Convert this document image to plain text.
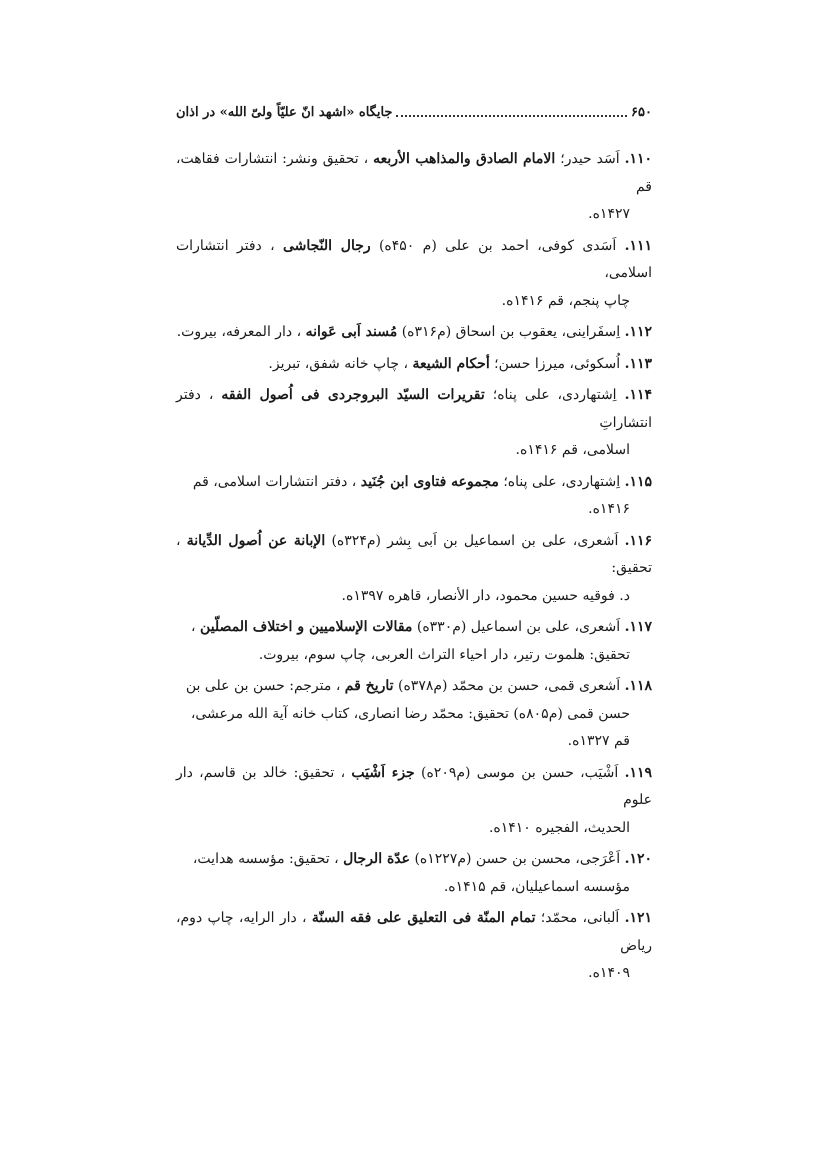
۶۵۰
جایگاه «اشهد انّ علیّاً ولیّ الله» در اذان
۱۱۰. اَسَد حیدر؛ الامام الصادق والمذاهب الأربعه ، تحقیق ونشر: انتشارات فقاهت، قم
۱۴۲۷ه.
۱۱۱. اَسَدی کوفی، احمد بن علی (م ۴۵۰ه) رجال النّجاشی ، دفتر انتشارات اسلامی،
چاپ پنجم، قم ۱۴۱۶ه.
۱۱۲. اِسفَراینی، یعقوب بن اسحاق (م۳۱۶ه) مُسند اَبی عَوانه ، دار المعرفه، بیروت.
۱۱۳. اُسکوئی، میرزا حسن؛ أحکام الشیعة ، چاپ خانه شفق، تبریز.
۱۱۴. اِشتهاردی، علی پناه؛ تقریرات السیّد البروجردی فی اُصول الفقه ، دفتر انتشاراتِ
اسلامی، قم ۱۴۱۶ه.
۱۱۵. اِشتهاردی، علی پناه؛ مجموعه فتاوی ابن جُنَید ، دفتر انتشارات اسلامی، قم
۱۴۱۶ه.
۱۱۶. اَشعری، علی بن اسماعیل بن اَبی بِشر (م۳۲۴ه) الإبانة عن اُصول الدِّیانة ، تحقیق:
د. فوقیه حسین محمود، دار الأنصار، قاهره ۱۳۹۷ه.
۱۱۷. اَشعری، علی بن اسماعیل (م۳۳۰ه) مقالات الإسلامیین و اختلاف المصلّین ،
تحقیق: هلموت رتیر، دار احیاء التراث العربی، چاپ سوم، بیروت.
۱۱۸. اَشعری قمی، حسن بن محمّد (م۳۷۸ه) تاریخ قم ، مترجم: حسن بن علی بن
حسن قمی (م۸۰۵ه) تحقیق: محمّد رضا انصاری، کتاب خانه آیة الله مرعشی،
قم ۱۳۲۷ه.
۱۱۹. اَشْیَب، حسن بن موسی (م۲۰۹ه) جزء اَشْیَب ، تحقیق: خالد بن قاسم، دار علوم
الحدیث، الفجیره ۱۴۱۰ه.
۱۲۰. اَعْرَجی، محسن بن حسن (م۱۲۲۷ه) عدّة الرجال ، تحقیق: مؤسسه هدایت،
مؤسسه اسماعیلیان، قم ۱۴۱۵ه.
۱۲۱. اَلبانی، محمّد؛ تمام المنّة فی التعلیق علی فقه السنّة ، دار الرایه، چاپ دوم، ریاض
۱۴۰۹ه.
